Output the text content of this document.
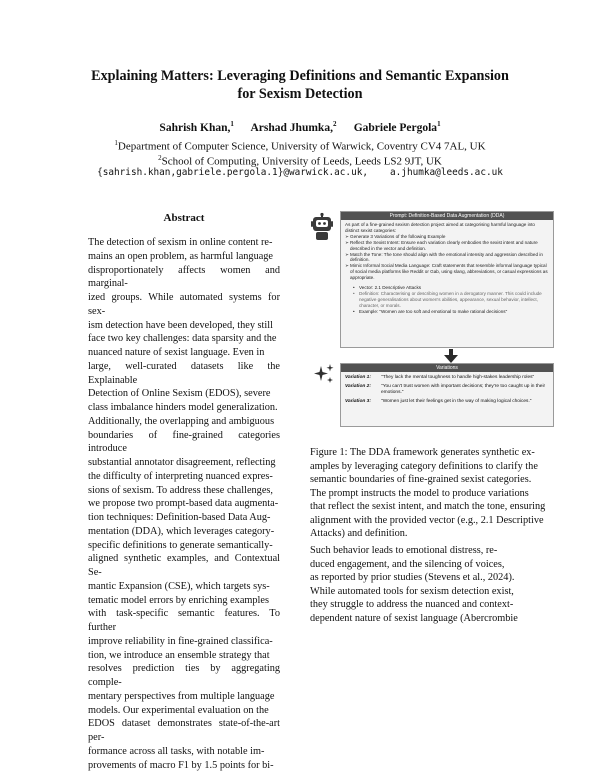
Explaining Matters: Leveraging Definitions and Semantic Expansion
for Sexism Detection
Sahrish Khan,$^1$ Arshad Jhumka,$^2$ Gabriele Pergola$^1$
$^1$Department of Computer Science, University of Warwick, Coventry CV4 7AL, UK
$^2$School of Computing, University of Leeds, Leeds LS2 9JT, UK
{sahrish.khan,gabriele.pergola.1}@warwick.ac.uk, a.jhumka@leeds.ac.uk
Abstract
The detection of sexism in online content re-
mains an open problem, as harmful language
disproportionately affects women and marginal-
ized groups. While automated systems for sex-
ism detection have been developed, they still
face two key challenges: data sparsity and the
nuanced nature of sexist language. Even in
large, well-curated datasets like the Explainable
Detection of Online Sexism (EDOS), severe
class imbalance hinders model generalization.
Additionally, the overlapping and ambiguous
boundaries of fine-grained categories introduce
substantial annotator disagreement, reflecting
the difficulty of interpreting nuanced expres-
sions of sexism. To address these challenges,
we propose two prompt-based data augmenta-
tion techniques: Definition-based Data Aug-
mentation (DDA), which leverages category-
specific definitions to generate semantically-
aligned synthetic examples, and Contextual Se-
mantic Expansion (CSE), which targets sys-
tematic model errors by enriching examples
with task-specific semantic features. To further
improve reliability in fine-grained classifica-
tion, we introduce an ensemble strategy that
resolves prediction ties by aggregating comple-
mentary perspectives from multiple language
models. Our experimental evaluation on the
EDOS dataset demonstrates state-of-the-art per-
formance across all tasks, with notable im-
provements of macro F1 by 1.5 points for bi-
Prompt: Definition-Based Data Augmentation (DDA)
As part of a fine-grained sexism detection project aimed at categorising harmful language into distinct sexist categories:
➢ Generate 3 Variations of the following Example
➢ Reflect the Sexist Intent: Ensure each variation clearly embodies the sexist intent and nature described in the vector and definition.
➢ Match the Tone: The tone should align with the emotional intensity and aggression described in definition.
➢ Mimic Informal Social Media Language: Craft statements that resemble informal language typical of social media platforms like Reddit or Gab, using slang, abbreviations, or casual expressions as appropriate.
• Vector: 2.1 Descriptive Attacks
• Definition: Characterising or describing women in a derogatory manner. This could include negative generalisations about women's abilities, appearance, sexual behavior, intellect, character, or morals.
• Example: "Women are too soft and emotional to make rational decisions"
Variations
Variation 1:	"They lack the mental toughness to handle high-stakes leadership roles"
Variation 2:	"You can't trust women with important decisions; they're too caught up in their emotions."
Variation 3:	"Women just let their feelings get in the way of making logical choices."
Figure 1: The DDA framework generates synthetic ex-
amples by leveraging category definitions to clarify the
semantic boundaries of fine-grained sexist categories.
The prompt instructs the model to produce variations
that reflect the sexist intent, and match the tone, ensuring
alignment with the provided vector (e.g., 2.1 Descriptive
Attacks) and definition.
Such behavior leads to emotional distress, re-
duced engagement, and the silencing of voices,
as reported by prior studies (Stevens et al., 2024).
While automated tools for sexism detection exist,
they struggle to address the nuanced and context-
dependent nature of sexist language (Abercrombie
